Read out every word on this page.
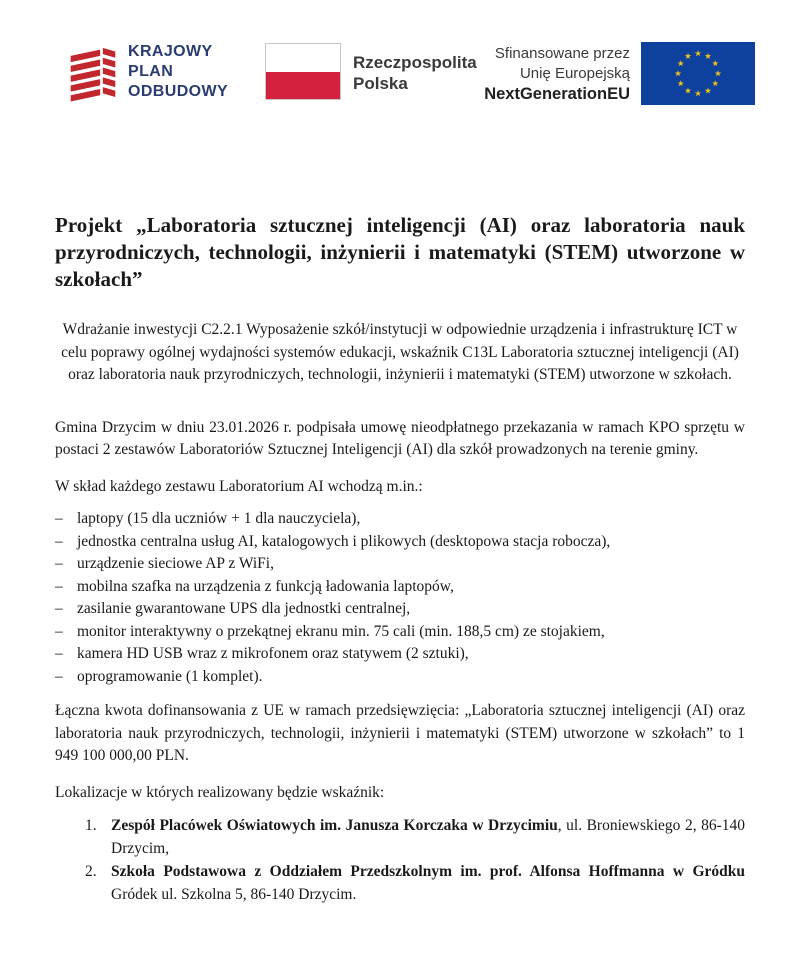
KRAJOWY
PLAN
ODBUDOWY
Rzeczpospolita
Polska
Sfinansowane przez
Unię Europejską
NextGenerationEU
Projekt „Laboratoria sztucznej inteligencji (AI) oraz laboratoria nauk przyrodniczych, technologii, inżynierii i matematyki (STEM) utworzone w szkołach”

Wdrażanie inwestycji C2.2.1 Wyposażenie szkół/instytucji w odpowiednie urządzenia i infrastrukturę ICT w celu poprawy ogólnej wydajności systemów edukacji, wskaźnik C13L Laboratoria sztucznej inteligencji (AI) oraz laboratoria nauk przyrodniczych, technologii, inżynierii i matematyki (STEM) utworzone w szkołach.

Gmina Drzycim w dniu 23.01.2026 r. podpisała umowę nieodpłatnego przekazania w ramach KPO sprzętu w postaci 2 zestawów Laboratoriów Sztucznej Inteligencji (AI) dla szkół prowadzonych na terenie gminy.

W skład każdego zestawu Laboratorium AI wchodzą m.in.:

– laptopy (15 dla uczniów + 1 dla nauczyciela),
– jednostka centralna usług AI, katalogowych i plikowych (desktopowa stacja robocza),
– urządzenie sieciowe AP z WiFi,
– mobilna szafka na urządzenia z funkcją ładowania laptopów,
– zasilanie gwarantowane UPS dla jednostki centralnej,
– monitor interaktywny o przekątnej ekranu min. 75 cali (min. 188,5 cm) ze stojakiem,
– kamera HD USB wraz z mikrofonem oraz statywem (2 sztuki),
– oprogramowanie (1 komplet).

Łączna kwota dofinansowania z UE w ramach przedsięwzięcia: „Laboratoria sztucznej inteligencji (AI) oraz laboratoria nauk przyrodniczych, technologii, inżynierii i matematyki (STEM) utworzone w szkołach” to 1 949 100 000,00 PLN.

Lokalizacje w których realizowany będzie wskaźnik:

1. Zespół Placówek Oświatowych im. Janusza Korczaka w Drzycimiu, ul. Broniewskiego 2, 86-140 Drzycim,
2. Szkoła Podstawowa z Oddziałem Przedszkolnym im. prof. Alfonsa Hoffmanna w Gródku Gródek ul. Szkolna 5, 86-140 Drzycim.
